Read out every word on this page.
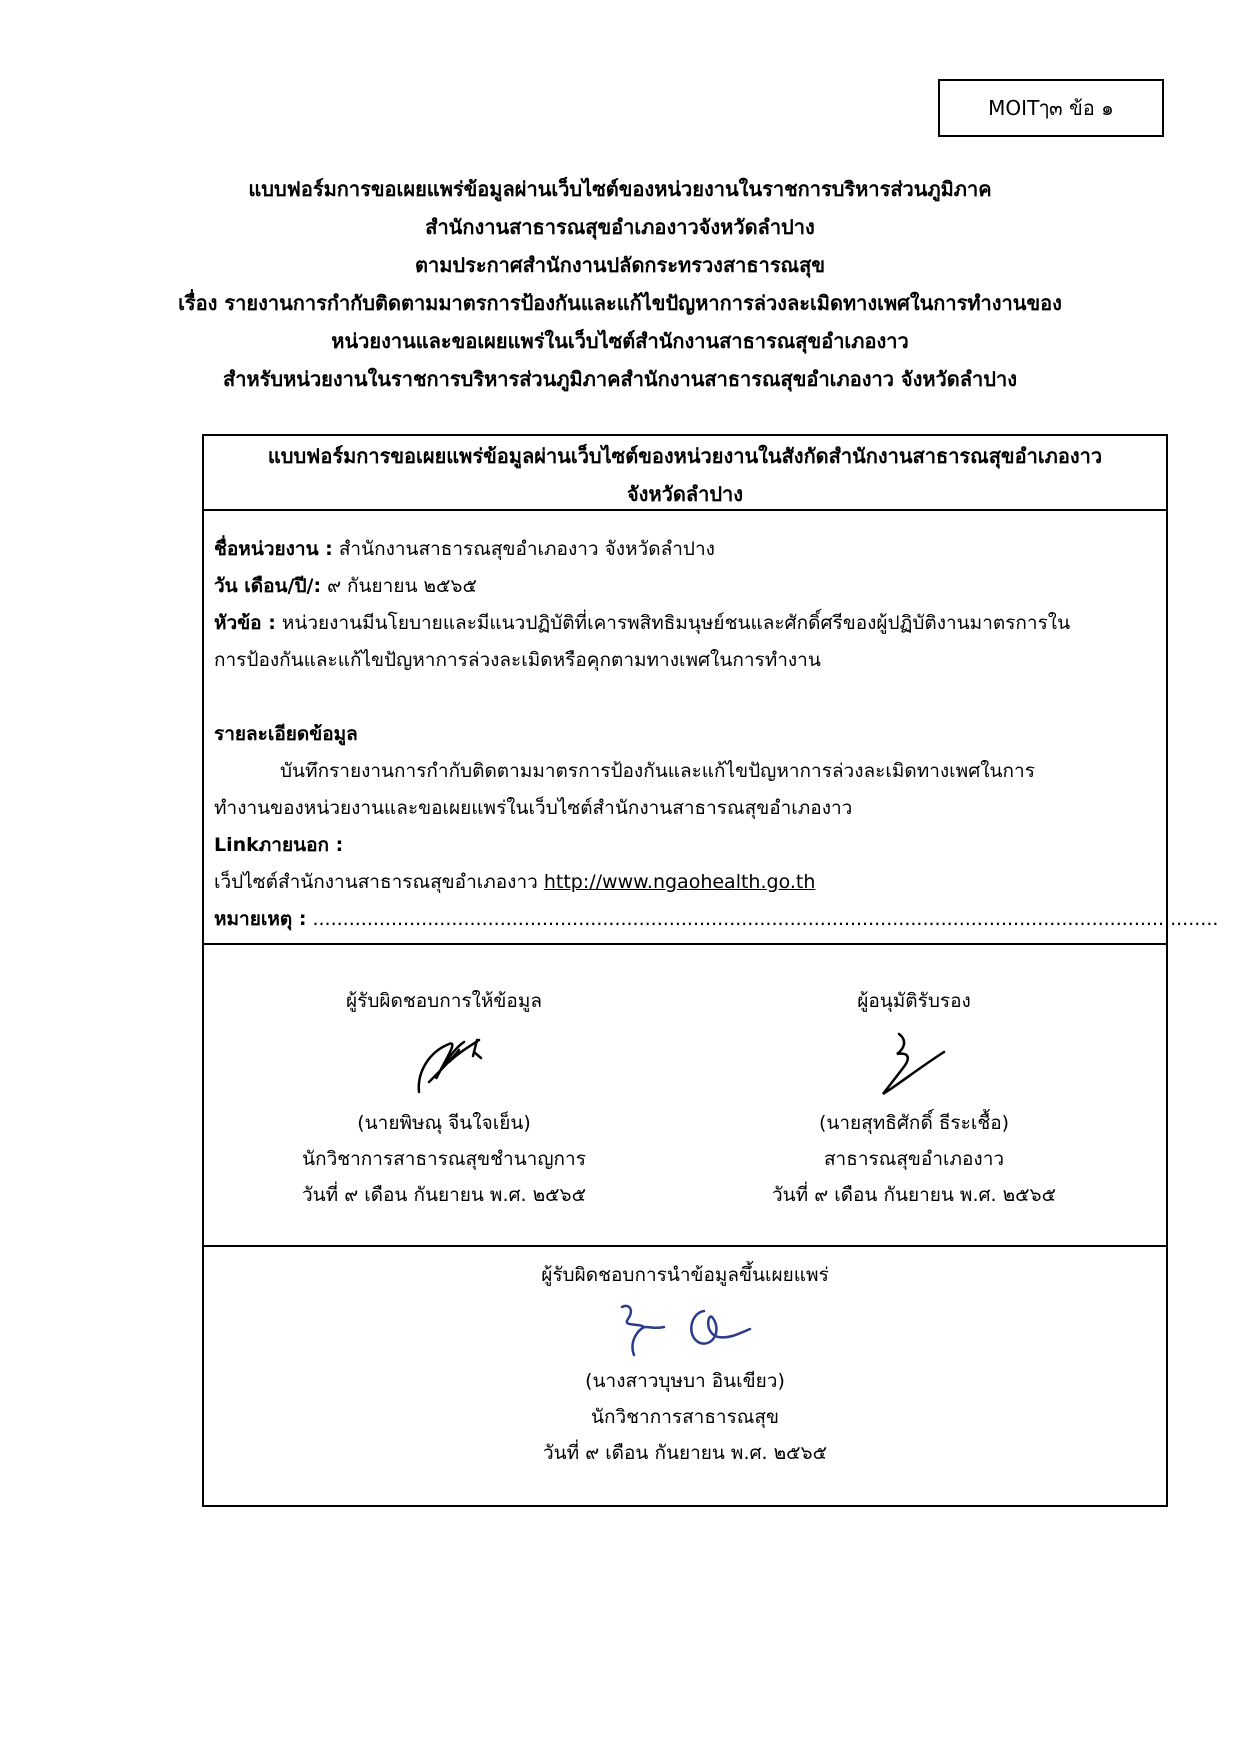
MOITๅ๓ ข้อ ๑
แบบฟอร์มการขอเผยแพร่ข้อมูลผ่านเว็บไซต์ของหน่วยงานในราชการบริหารส่วนภูมิภาค
สำนักงานสาธารณสุขอำเภองาวจังหวัดลำปาง
ตามประกาศสำนักงานปลัดกระทรวงสาธารณสุข
เรื่อง รายงานการกำกับติดตามมาตรการป้องกันและแก้ไขปัญหาการล่วงละเมิดทางเพศในการทำงานของ
หน่วยงานและขอเผยแพร่ในเว็บไซต์สำนักงานสาธารณสุขอำเภองาว
สำหรับหน่วยงานในราชการบริหารส่วนภูมิภาคสำนักงานสาธารณสุขอำเภองาว จังหวัดลำปาง
แบบฟอร์มการขอเผยแพร่ข้อมูลผ่านเว็บไซต์ของหน่วยงานในสังกัดสำนักงานสาธารณสุขอำเภองาว
จังหวัดลำปาง
ชื่อหน่วยงาน : สำนักงานสาธารณสุขอำเภองาว จังหวัดลำปาง
วัน เดือน/ปี/: ๙ กันยายน ๒๕๖๕
หัวข้อ : หน่วยงานมีนโยบายและมีแนวปฏิบัติที่เคารพสิทธิมนุษย์ชนและศักดิ์ศรีของผู้ปฏิบัติงานมาตรการใน
การป้องกันและแก้ไขปัญหาการล่วงละเมิดหรือคุกตามทางเพศในการทำงาน
รายละเอียดข้อมูล
บันทึกรายงานการกำกับติดตามมาตรการป้องกันและแก้ไขปัญหาการล่วงละเมิดทางเพศในการ
ทำงานของหน่วยงานและขอเผยแพร่ในเว็บไซต์สำนักงานสาธารณสุขอำเภองาว
Linkภายนอก :
เว็ปไซต์สำนักงานสาธารณสุขอำเภองาว http://www.ngaohealth.go.th
หมายเหตุ : ......................................................................................................................................................
ผู้รับผิดชอบการให้ข้อมูล
(นายพิษณุ จีนใจเย็น)
นักวิชาการสาธารณสุขชำนาญการ
วันที่ ๙ เดือน กันยายน พ.ศ. ๒๕๖๕
ผู้อนุมัติรับรอง
(นายสุทธิศักดิ์ ธีระเชื้อ)
สาธารณสุขอำเภองาว
วันที่ ๙ เดือน กันยายน พ.ศ. ๒๕๖๕
ผู้รับผิดชอบการนำข้อมูลขึ้นเผยแพร่
(นางสาวบุษบา อินเขียว)
นักวิชาการสาธารณสุข
วันที่ ๙ เดือน กันยายน พ.ศ. ๒๕๖๕
